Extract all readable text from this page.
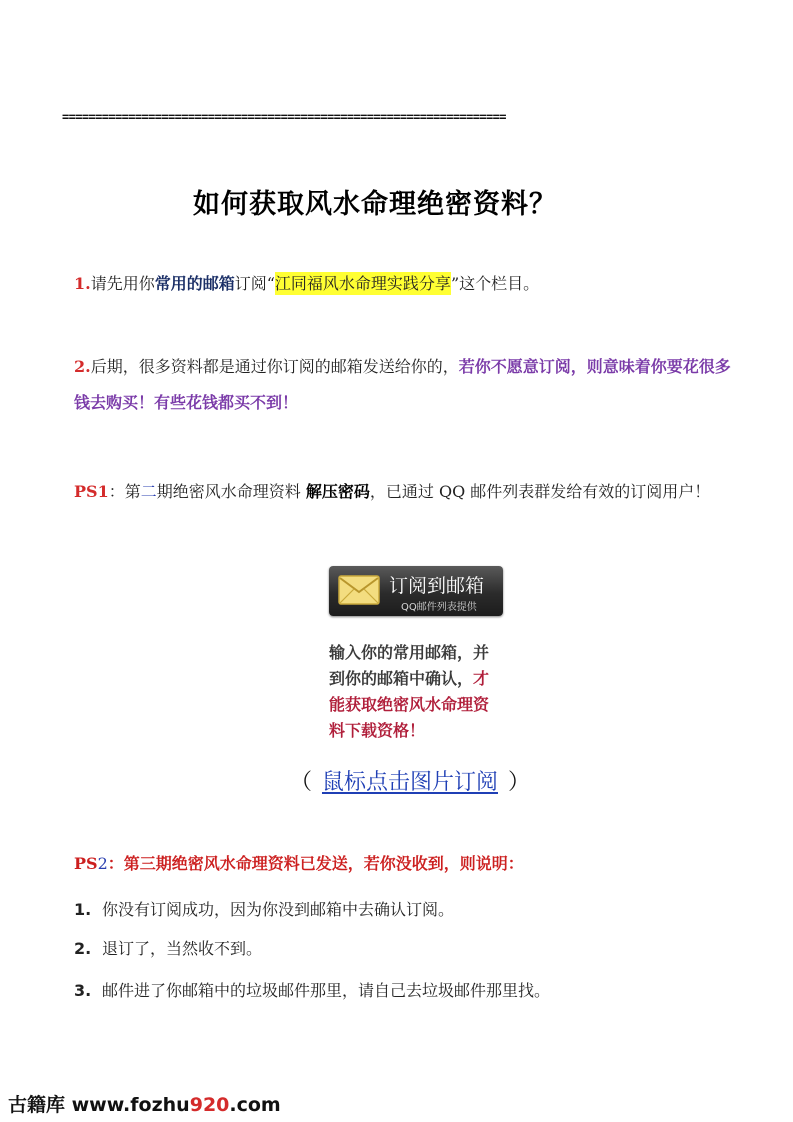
===================================================================
如何获取风水命理绝密资料？
1.请先用你常用的邮箱订阅“江同福风水命理实践分享”这个栏目。
2.后期，很多资料都是通过你订阅的邮箱发送给你的，若你不愿意订阅，则意味着你要花很多钱去购买！有些花钱都买不到！
PS1：第二期绝密风水命理资料 解压密码，已通过 QQ 邮件列表群发给有效的订阅用户！
订阅到邮箱
QQ邮件列表提供
输入你的常用邮箱，并
到你的邮箱中确认，才
能获取绝密风水命理资
料下载资格！
（ 鼠标点击图片订阅 ）
PS2：第三期绝密风水命理资料已发送，若你没收到，则说明：
1. 你没有订阅成功，因为你没到邮箱中去确认订阅。
2. 退订了，当然收不到。
3. 邮件进了你邮箱中的垃圾邮件那里，请自己去垃圾邮件那里找。
古籍库 www.fozhu920.com
